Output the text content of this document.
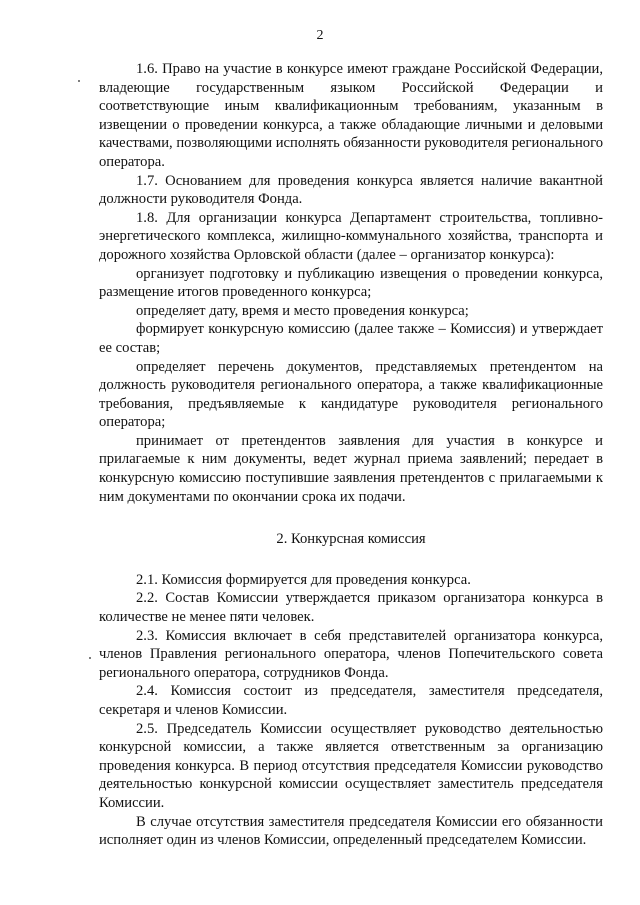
2

1.6. Право на участие в конкурсе имеют граждане Российской Федерации, владеющие государственным языком Российской Федерации и соответствующие иным квалификационным требованиям, указанным в извещении о проведении конкурса, а также обладающие личными и деловыми качествами, позволяющими исполнять обязанности руководителя регионального оператора.

1.7. Основанием для проведения конкурса является наличие вакантной должности руководителя Фонда.

1.8. Для организации конкурса Департамент строительства, топливно-энергетического комплекса, жилищно-коммунального хозяйства, транспорта и дорожного хозяйства Орловской области (далее – организатор конкурса):

организует подготовку и публикацию извещения о проведении конкурса, размещение итогов проведенного конкурса;

определяет дату, время и место проведения конкурса;

формирует конкурсную комиссию (далее также – Комиссия) и утверждает ее состав;

определяет перечень документов, представляемых претендентом на должность руководителя регионального оператора, а также квалификационные требования, предъявляемые к кандидатуре руководителя регионального оператора;

принимает от претендентов заявления для участия в конкурсе и прилагаемые к ним документы, ведет журнал приема заявлений; передает в конкурсную комиссию поступившие заявления претендентов с прилагаемыми к ним документами по окончании срока их подачи.

2. Конкурсная комиссия

2.1. Комиссия формируется для проведения конкурса.

2.2. Состав Комиссии утверждается приказом организатора конкурса в количестве не менее пяти человек.

2.3. Комиссия включает в себя представителей организатора конкурса, членов Правления регионального оператора, членов Попечительского совета регионального оператора, сотрудников Фонда.

2.4. Комиссия состоит из председателя, заместителя председателя, секретаря и членов Комиссии.

2.5. Председатель Комиссии осуществляет руководство деятельностью конкурсной комиссии, а также является ответственным за организацию проведения конкурса. В период отсутствия председателя Комиссии руководство деятельностью конкурсной комиссии осуществляет заместитель председателя Комиссии.

В случае отсутствия заместителя председателя Комиссии его обязанности исполняет один из членов Комиссии, определенный председателем Комиссии.
